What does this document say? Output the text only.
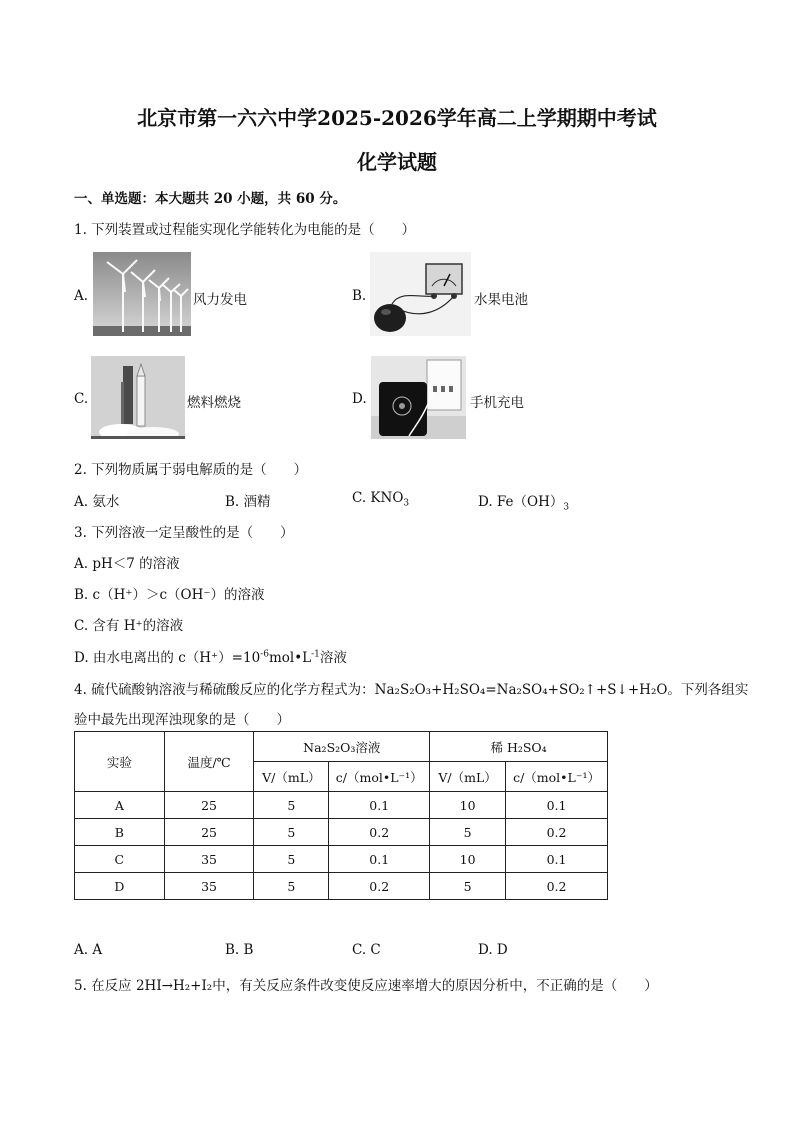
北京市第一六六中学2025-2026学年高二上学期期中考试
化学试题
一、单选题：本大题共 20 小题，共 60 分。
1. 下列装置或过程能实现化学能转化为电能的是（　　）
A.	风力发电	B.	水果电池
C.	燃料燃烧	D.	手机充电
2. 下列物质属于弱电解质的是（　　）
A. 氨水	B. 酒精	C. $KNO_3$	D. $Fe(OH)_3$
3. 下列溶液一定呈酸性的是（　　）
A. pH＜7 的溶液
B. c（H⁺）＞c（OH⁻）的溶液
C. 含有 H⁺的溶液
D. 由水电离出的 $c(H^+)=10^{-6}mol•L^{-1}$溶液
4. 硫代硫酸钠溶液与稀硫酸反应的化学方程式为：Na₂S₂O₃+H₂SO₄=Na₂SO₄+SO₂↑+S↓+H₂O。下列各组实
验中最先出现浑浊现象的是（　　）
实验	温度/℃	Na₂S₂O₃溶液		稀 H₂SO₄	
		V/（mL）	c/（mol•L⁻¹）	V/（mL）	c/（mol•L⁻¹）
A	25	5	0.1	10	0.1
B	25	5	0.2	5	0.2
C	35	5	0.1	10	0.1
D	35	5	0.2	5	0.2
A. A	B. B	C. C	D. D
5. 在反应 2HI→H₂+I₂中，有关反应条件改变使反应速率增大的原因分析中，不正确的是（　　）
